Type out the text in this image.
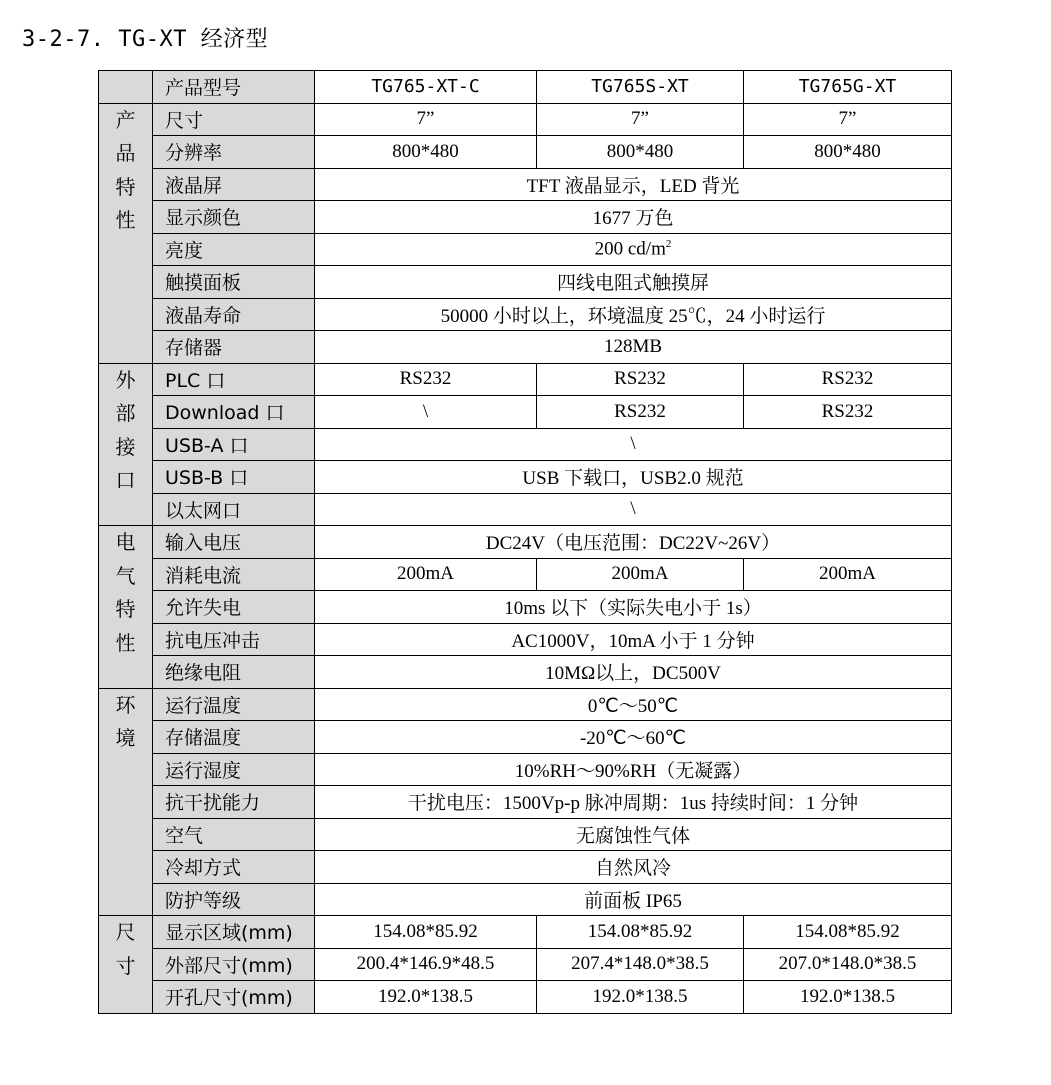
3-2-7. TG-XT 经济型
	产品型号	TG765-XT-C	TG765S-XT	TG765G-XT

产
品
特
性	尺寸	7”	7”	7”
	分辨率	800*480	800*480	800*480
	液晶屏	TFT 液晶显示，LED 背光		
	显示颜色	1677 万色		
	亮度	200 $cd/m^2$
	触摸面板	四线电阻式触摸屏		
	液晶寿命	50000 小时以上，环境温度 25℃，24 小时运行		
	存储器	128MB		

外
部
接
口	PLC 口	RS232	RS232	RS232
	Download 口	\	RS232	RS232
	USB-A 口	\		
	USB-B 口	USB 下载口，USB2.0 规范		
	以太网口	\		

电
气
特
性	输入电压	DC24V（电压范围：DC22V~26V）		
	消耗电流	200mA	200mA	200mA
	允许失电	10ms 以下（实际失电小于 1s）		
	抗电压冲击	AC1000V，10mA 小于 1 分钟		
	绝缘电阻	10MΩ以上，DC500V		

环
境	运行温度	0℃～50℃		
	存储温度	-20℃～60℃		
	运行湿度	10%RH～90%RH（无凝露）		
	抗干扰能力	干扰电压：1500Vp-p 脉冲周期：1us 持续时间：1 分钟		
	空气	无腐蚀性气体		
	冷却方式	自然风冷		
	防护等级	前面板 IP65		

尺
寸	显示区域(mm)	154.08*85.92	154.08*85.92	154.08*85.92
	外部尺寸(mm)	200.4*146.9*48.5	207.4*148.0*38.5	207.0*148.0*38.5
	开孔尺寸(mm)	192.0*138.5	192.0*138.5	192.0*138.5
